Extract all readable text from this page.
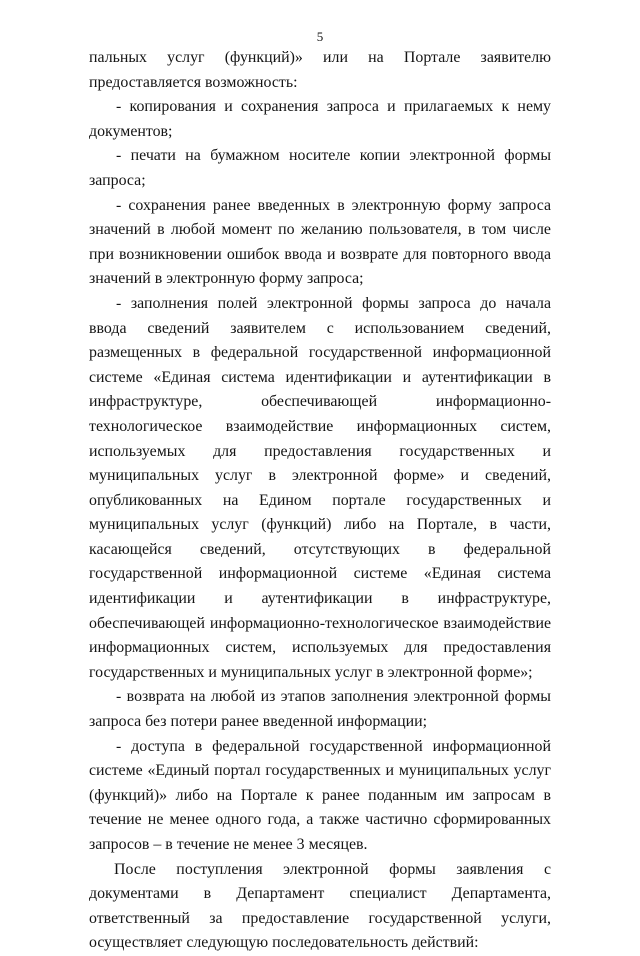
5

пальных услуг (функций)» или на Портале заявителю предоставляется возможность:

- копирования и сохранения запроса и прилагаемых к нему документов;

- печати на бумажном носителе копии электронной формы запроса;

- сохранения ранее введенных в электронную форму запроса значений в любой момент по желанию пользователя, в том числе при возникновении ошибок ввода и возврате для повторного ввода значений в электронную форму запроса;

- заполнения полей электронной формы запроса до начала ввода сведений заявителем с использованием сведений, размещенных в федеральной государственной информационной системе «Единая система идентификации и аутентификации в инфраструктуре, обеспечивающей информационно-технологическое взаимодействие информационных систем, используемых для предоставления государственных и муниципальных услуг в электронной форме» и сведений, опубликованных на Едином портале государственных и муниципальных услуг (функций) либо на Портале, в части, касающейся сведений, отсутствующих в федеральной государственной информационной системе «Единая система идентификации и аутентификации в инфраструктуре, обеспечивающей информационно-технологическое взаимодействие информационных систем, используемых для предоставления государственных и муниципальных услуг в электронной форме»;

- возврата на любой из этапов заполнения электронной формы запроса без потери ранее введенной информации;

- доступа в федеральной государственной информационной системе «Единый портал государственных и муниципальных услуг (функций)» либо на Портале к ранее поданным им запросам в течение не менее одного года, а также частично сформированных запросов – в течение не менее 3 месяцев.

После поступления электронной формы заявления с документами в Департамент специалист Департамента, ответственный за предоставление государственной услуги, осуществляет следующую последовательность действий:
